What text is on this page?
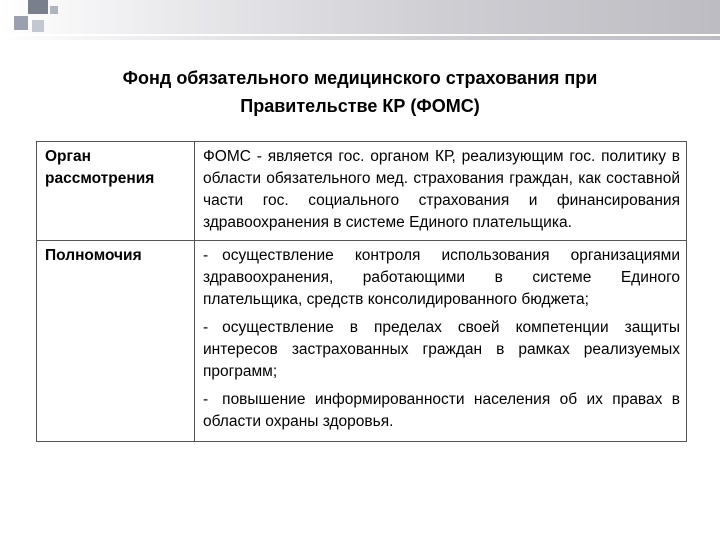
Фонд обязательного медицинского страхования при
Правительстве КР (ФОМС)
Орган
рассмотрения	ФОМС - является гос. органом КР, реализующим гос. политику в области обязательного мед. страхования граждан, как составной части гос. социального страхования и финансирования здравоохранения в системе Единого плательщика.

Полномочия	- осуществление контроля использования организациями здравоохранения, работающими в системе Единого плательщика, средств консолидированного бюджета;
- осуществление в пределах своей компетенции защиты интересов застрахованных граждан в рамках реализуемых программ;
- повышение информированности населения об их правах в области охраны здоровья.
